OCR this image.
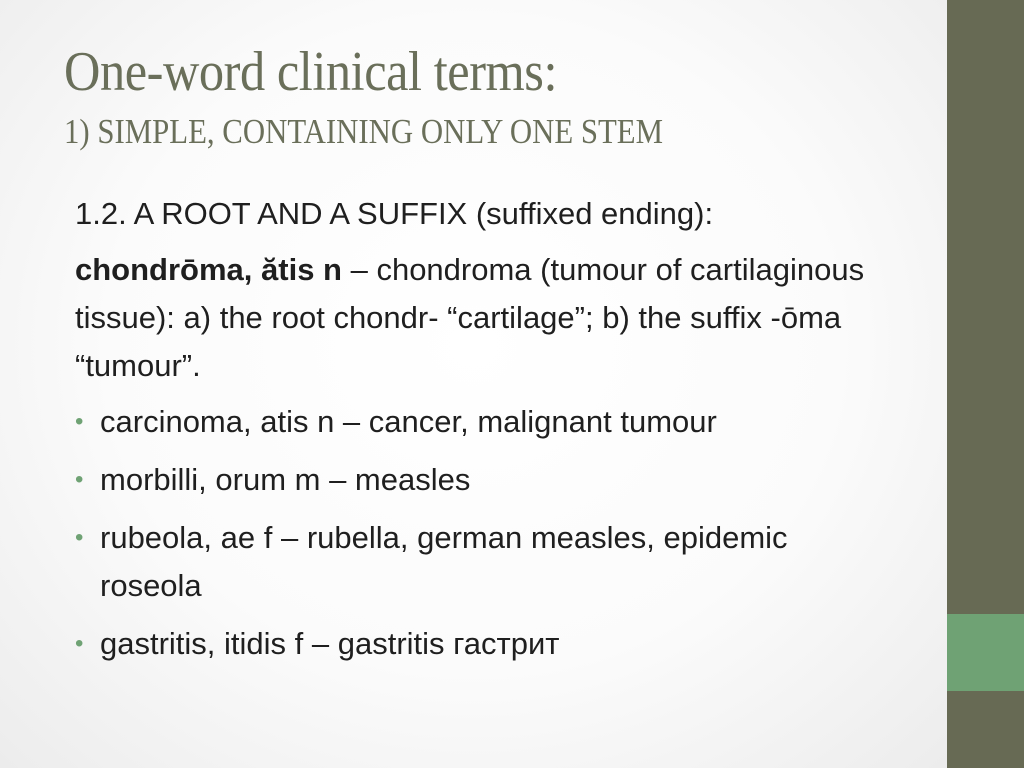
One-word clinical terms:
1) SIMPLE, CONTAINING ONLY ONE STEM

1.2. A ROOT AND A SUFFIX (suffixed ending):

chondrōma, ătis n – chondroma (tumour of cartilaginous tissue): a) the root chondr- “cartilage”; b) the suffix -ōma “tumour”.

• carcinoma, atis n – cancer, malignant tumour
• morbilli, orum m – measles
• rubeola, ae f – rubella, german measles, epidemic roseola
• gastritis, itidis f – gastritis гастрит
